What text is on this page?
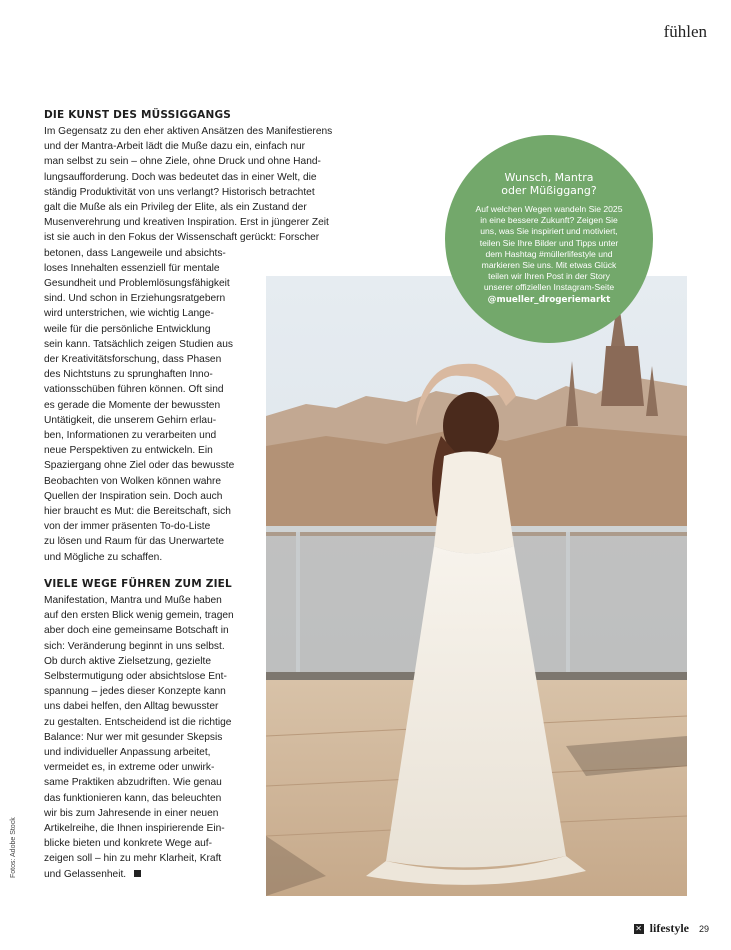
fühlen
DIE KUNST DES MÜSSIGGANGS

Im Gegensatz zu den eher aktiven Ansätzen des Manifestierens

und der Mantra-Arbeit lädt die Muße dazu ein, einfach nur

man selbst zu sein – ohne Ziele, ohne Druck und ohne Hand-

lungsaufforderung. Doch was bedeutet das in einer Welt, die

ständig Produktivität von uns verlangt? Historisch betrachtet

galt die Muße als ein Privileg der Elite, als ein Zustand der

Musenverehrung und kreativen Inspiration. Erst in jüngerer Zeit

ist sie auch in den Fokus der Wissenschaft gerückt: Forscher

betonen, dass Langeweile und absichts-

loses Innehalten essenziell für mentale

Gesundheit und Problemlösungsfähigkeit

sind. Und schon in Erziehungsratgebern

wird unterstrichen, wie wichtig Lange-

weile für die persönliche Entwicklung

sein kann. Tatsächlich zeigen Studien aus

der Kreativitätsforschung, dass Phasen

des Nichtstuns zu sprunghaften Inno-

vationsschüben führen können. Oft sind

es gerade die Momente der bewussten

Untätigkeit, die unserem Gehirn erlau-

ben, Informationen zu verarbeiten und

neue Perspektiven zu entwickeln. Ein

Spaziergang ohne Ziel oder das bewusste

Beobachten von Wolken können wahre

Quellen der Inspiration sein. Doch auch

hier braucht es Mut: die Bereitschaft, sich

von der immer präsenten To-do-Liste

zu lösen und Raum für das Unerwartete

und Mögliche zu schaffen.

VIELE WEGE FÜHREN ZUM ZIEL

Manifestation, Mantra und Muße haben

auf den ersten Blick wenig gemein, tragen

aber doch eine gemeinsame Botschaft in

sich: Veränderung beginnt in uns selbst.

Ob durch aktive Zielsetzung, gezielte

Selbstermutigung oder absichtslose Ent-

spannung – jedes dieser Konzepte kann

uns dabei helfen, den Alltag bewusster

zu gestalten. Entscheidend ist die richtige

Balance: Nur wer mit gesunder Skepsis

und individueller Anpassung arbeitet,

vermeidet es, in extreme oder unwirk-

same Praktiken abzudriften. Wie genau

das funktionieren kann, das beleuchten

wir bis zum Jahresende in einer neuen

Artikelreihe, die Ihnen inspirierende Ein-

blicke bieten und konkrete Wege auf-

zeigen soll – hin zu mehr Klarheit, Kraft

und Gelassenheit.

Wunsch, Mantra
oder Müßiggang?

Auf welchen Wegen wandeln Sie 2025
in eine bessere Zukunft? Zeigen Sie
uns, was Sie inspiriert und motiviert,
teilen Sie Ihre Bilder und Tipps unter
dem Hashtag #müllerlifestyle und
markieren Sie uns. Mit etwas Glück
teilen wir Ihren Post in der Story
unserer offiziellen Instagram-Seite

@mueller_drogeriemarkt
Fotos: Adobe Stock
✕ lifestyle 29
